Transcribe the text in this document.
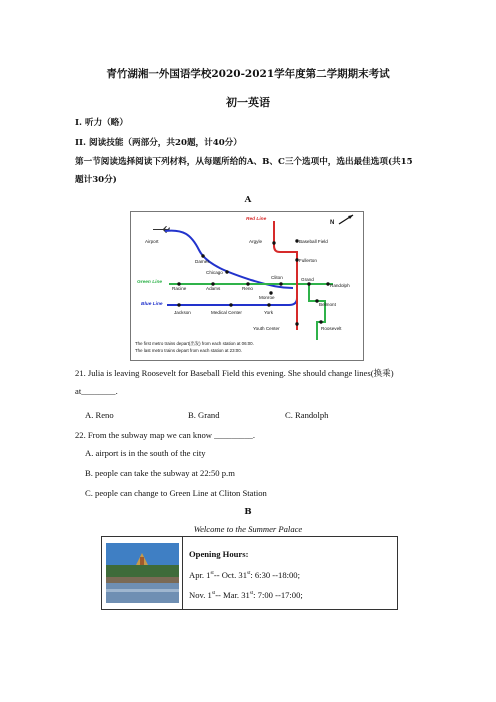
青竹湖湘一外国语学校2020-2021学年度第二学期期末考试
初一英语
I. 听力（略）
II. 阅读技能（两部分，共20题，计40分）
第一节阅读选择阅读下列材料，从每题所给的A、B、C三个选项中，选出最佳选项(共15
题计30分)
A
Airport
N
Red Line
Green Line
Blue Line
Argyle	Baseball Field
Fullerton
Dames
Chicago
Cliton	Grand
Randolph
Racine	Adams	Reno
Monroe
Belmont
Jackson	Medical Center	York
Roosevelt
Youth Center
The first metro trains depart(出发) from each station at 06:00.
The last metro trains depart from each station at 23:00.
21. Julia is leaving Roosevelt for Baseball Field this evening. She should change lines(换乘)
at________.
A. Reno	B. Grand	C. Randolph
22. From the subway map we can know _________.
A. airport is in the south of the city
B. people can take the subway at 22:50 p.m
C. people can change to Green Line at Cliton Station
B
Welcome to the Summer Palace
Opening Hours:
Apr. 1st-- Oct. 31st: 6:30 --18:00;
Nov. 1st-- Mar. 31st: 7:00 --17:00;
